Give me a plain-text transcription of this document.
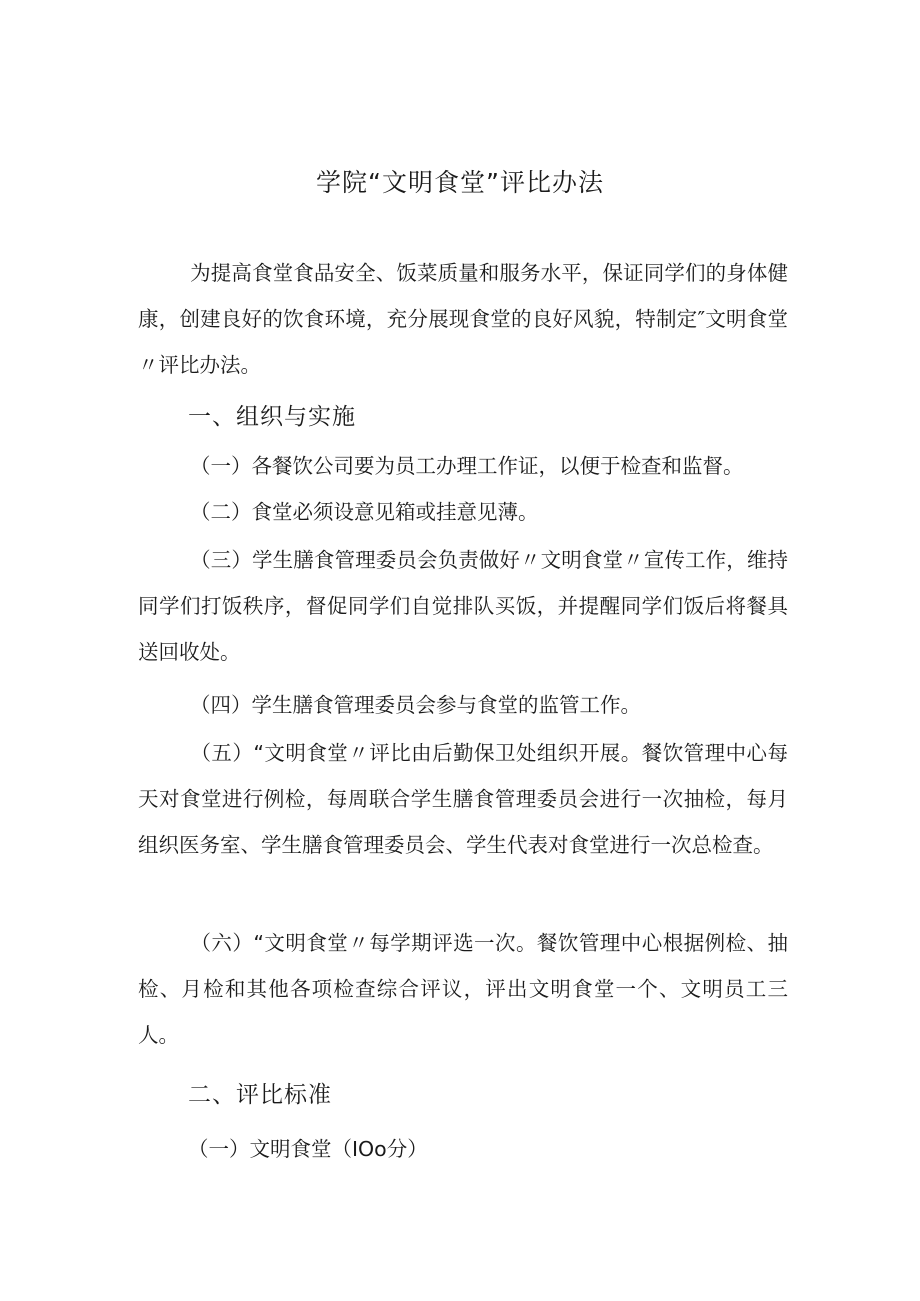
学院“文明食堂”评比办法
为提高食堂食品安全、饭菜质量和服务水平，保证同学们的身体健康，创建良好的饮食环境，充分展现食堂的良好风貌，特制定″文明食堂〃评比办法。
一、组织与实施
（一）各餐饮公司要为员工办理工作证，以便于检查和监督。
（二）食堂必须设意见箱或挂意见薄。
（三）学生膳食管理委员会负责做好〃文明食堂〃宣传工作，维持同学们打饭秩序，督促同学们自觉排队买饭，并提醒同学们饭后将餐具送回收处。
（四）学生膳食管理委员会参与食堂的监管工作。
（五）“文明食堂〃评比由后勤保卫处组织开展。餐饮管理中心每天对食堂进行例检，每周联合学生膳食管理委员会进行一次抽检，每月组织医务室、学生膳食管理委员会、学生代表对食堂进行一次总检查。
（六）“文明食堂〃每学期评选一次。餐饮管理中心根据例检、抽检、月检和其他各项检查综合评议，评出文明食堂一个、文明员工三人。
二、评比标准
（一）文明食堂（IOo分）
